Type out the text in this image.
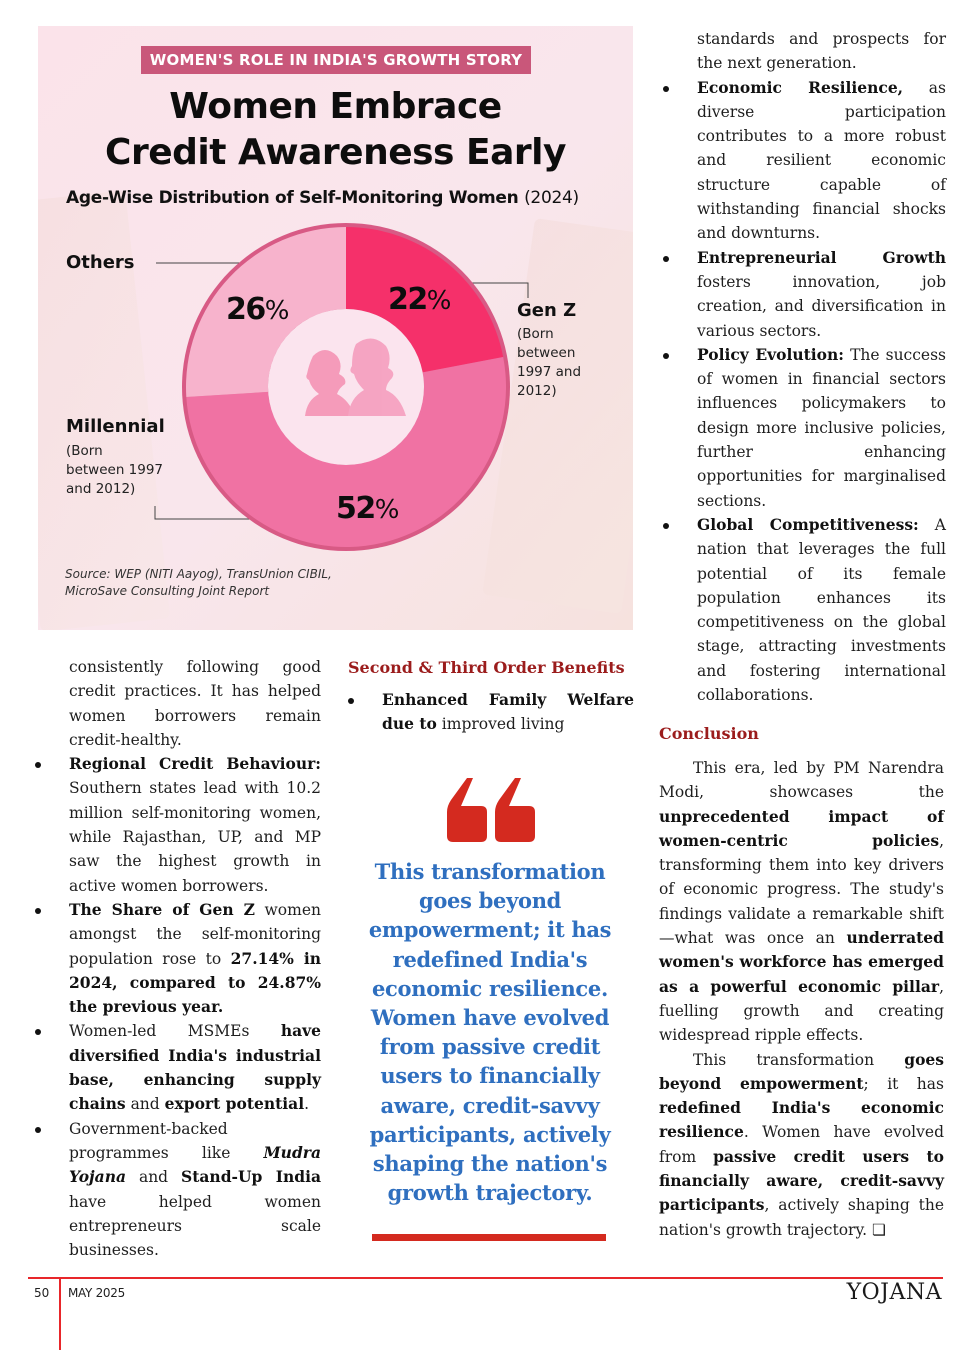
WOMEN'S ROLE IN INDIA'S GROWTH STORY
Women Embrace
Credit Awareness Early
Age-Wise Distribution of Self-Monitoring Women (2024)
26%	22%
52%
Others
Gen Z
(Born
between
1997 and
2012)
Millennial
(Born
between 1997
and 2012)
Source: WEP (NITI Aayog), TransUnion CIBIL,
MicroSave Consulting Joint Report

consistently following good credit practices. It has helped women borrowers remain credit-healthy.

Regional Credit Behaviour: Southern states lead with 10.2 million self-monitoring women, while Rajasthan, UP, and MP saw the highest growth in active women borrowers.
The Share of Gen Z women amongst the self-monitoring population rose to 27.14% in 2024, compared to 24.87% the previous year.
Women-led MSMEs have diversified India's industrial base, enhancing supply chains and export potential.
Government-backed programmes like Mudra Yojana and Stand-Up India have helped women entrepreneurs scale businesses.
Second & Third Order Benefits
Enhanced Family Welfare due to improved living
This transformation goes beyond empowerment; it has redefined India's economic resilience. Women have evolved from passive credit users to financially aware, credit-savvy participants, actively shaping the nation's growth trajectory.

standards and prospects for the next generation.

Economic Resilience, as diverse participation contributes to a more robust and resilient economic structure capable of withstanding financial shocks and downturns.
Entrepreneurial Growth fosters innovation, job creation, and diversification in various sectors.
Policy Evolution: The success of women in financial sectors influences policymakers to design more inclusive policies, further enhancing opportunities for marginalised sections.
Global Competitiveness: A nation that leverages the full potential of its female population enhances its competitiveness on the global stage, attracting investments and fostering international collaborations.
Conclusion

This era, led by PM Narendra Modi, showcases the unprecedented impact of women-centric policies, transforming them into key drivers of economic progress. The study's findings validate a remarkable shift—what was once an underrated women's workforce has emerged as a powerful economic pillar, fuelling growth and creating widespread ripple effects.

This transformation goes beyond empowerment; it has redefined India's economic resilience. Women have evolved from passive credit users to financially aware, credit-savvy participants, actively shaping the nation's growth trajectory. ❏

50 MAY 2025	YOJANA
